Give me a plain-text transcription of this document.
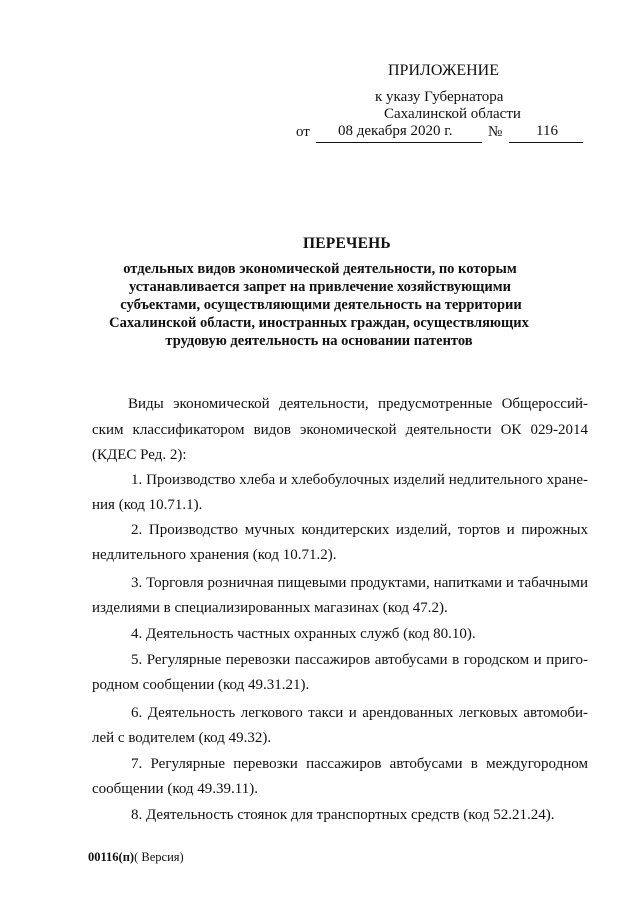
ПРИЛОЖЕНИЕ
к указу Губернатора
Сахалинской области
от 08 декабря 2020 г. № 116
ПЕРЕЧЕНЬ
отдельных видов экономической деятельности, по которым
устанавливается запрет на привлечение хозяйствующими
субъектами, осуществляющими деятельность на территории
Сахалинской области, иностранных граждан, осуществляющих
трудовую деятельность на основании патентов
Виды экономической деятельности, предусмотренные Общероссий-
ским классификатором видов экономической деятельности ОК 029-2014
(КДЕС Ред. 2):
1. Производство хлеба и хлебобулочных изделий недлительного хране-
ния (код 10.71.1).
2. Производство мучных кондитерских изделий, тортов и пирожных
недлительного хранения (код 10.71.2).
3. Торговля розничная пищевыми продуктами, напитками и табачными
изделиями в специализированных магазинах (код 47.2).
4. Деятельность частных охранных служб (код 80.10).
5. Регулярные перевозки пассажиров автобусами в городском и приго-
родном сообщении (код 49.31.21).
6. Деятельность легкового такси и арендованных легковых автомоби-
лей с водителем (код 49.32).
7. Регулярные перевозки пассажиров автобусами в междугородном
сообщении (код 49.39.11).
8. Деятельность стоянок для транспортных средств (код 52.21.24).
00116(п)( Версия)
